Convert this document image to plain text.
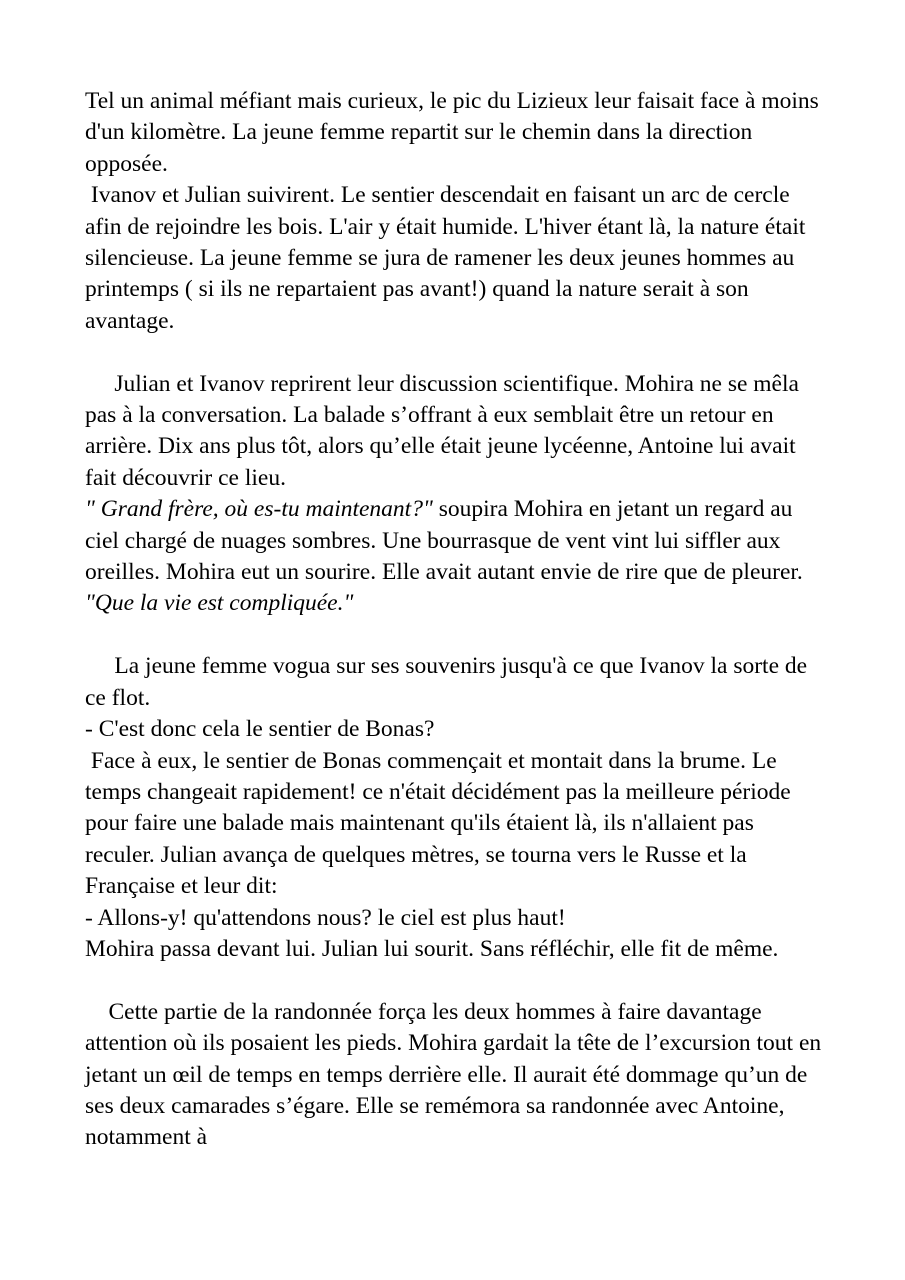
Tel un animal méfiant mais curieux, le pic du Lizieux leur faisait face à moins d'un kilomètre. La jeune femme repartit sur le chemin dans la direction opposée.

Ivanov et Julian suivirent. Le sentier descendait en faisant un arc de cercle afin de rejoindre les bois. L'air y était humide. L'hiver étant là, la nature était silencieuse. La jeune femme se jura de ramener les deux jeunes hommes au printemps ( si ils ne repartaient pas avant!) quand la nature serait à son avantage.

Julian et Ivanov reprirent leur discussion scientifique. Mohira ne se mêla pas à la conversation. La balade s’offrant à eux semblait être un retour en arrière. Dix ans plus tôt, alors qu’elle était jeune lycéenne, Antoine lui avait fait découvrir ce lieu.

" Grand frère, où es-tu maintenant?" soupira Mohira en jetant un regard au ciel chargé de nuages sombres. Une bourrasque de vent vint lui siffler aux oreilles. Mohira eut un sourire. Elle avait autant envie de rire que de pleurer. "Que la vie est compliquée."

La jeune femme vogua sur ses souvenirs jusqu'à ce que Ivanov la sorte de ce flot.

- C'est donc cela le sentier de Bonas?

Face à eux, le sentier de Bonas commençait et montait dans la brume. Le temps changeait rapidement! ce n'était décidément pas la meilleure période pour faire une balade mais maintenant qu'ils étaient là, ils n'allaient pas reculer. Julian avança de quelques mètres, se tourna vers le Russe et la Française et leur dit:

- Allons-y! qu'attendons nous? le ciel est plus haut!

Mohira passa devant lui. Julian lui sourit. Sans réfléchir, elle fit de même.

Cette partie de la randonnée força les deux hommes à faire davantage attention où ils posaient les pieds. Mohira gardait la tête de l’excursion tout en jetant un œil de temps en temps derrière elle. Il aurait été dommage qu’un de ses deux camarades s’égare. Elle se remémora sa randonnée avec Antoine, notamment à
